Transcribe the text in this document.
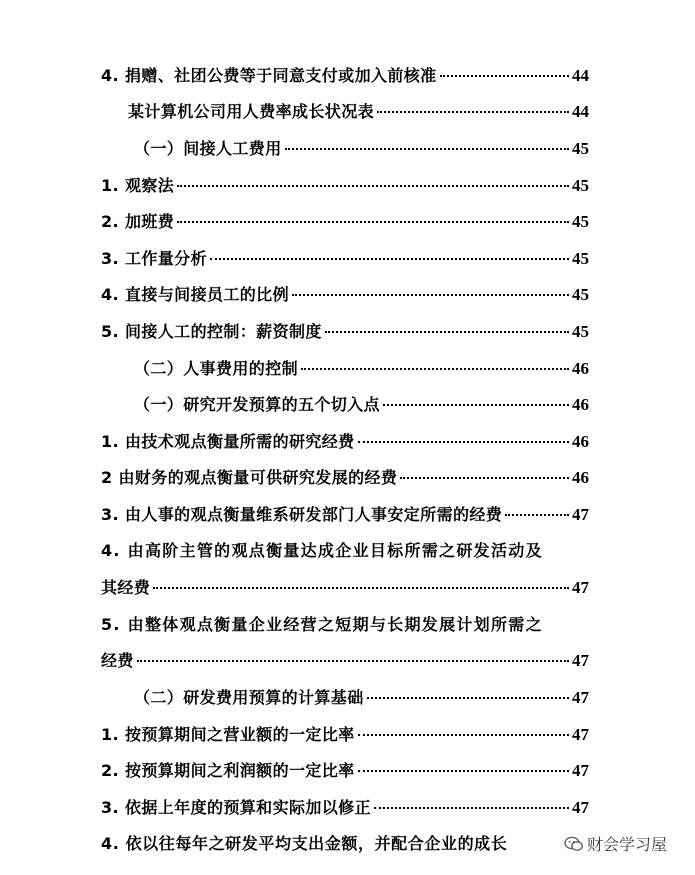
4. 捐赠、社团公费等于同意支付或加入前核准	44
某计算机公司用人费率成长状况表	44
（一）间接人工费用	45
1. 观察法	45
2. 加班费	45
3. 工作量分析	45
4. 直接与间接员工的比例	45
5. 间接人工的控制：薪资制度	45
（二）人事费用的控制	46
（一）研究开发预算的五个切入点	46
1. 由技术观点衡量所需的研究经费	46
2 由财务的观点衡量可供研究发展的经费	46
3. 由人事的观点衡量维系研发部门人事安定所需的经费	47
4. 由高阶主管的观点衡量达成企业目标所需之研发活动及
其经费	47
5. 由整体观点衡量企业经营之短期与长期发展计划所需之
经费	47
（二）研发费用预算的计算基础	47
1. 按预算期间之营业额的一定比率	47
2. 按预算期间之利润额的一定比率	47
3. 依据上年度的预算和实际加以修正	47
4. 依以往每年之研发平均支出金额，并配合企业的成长	财会学习屋
